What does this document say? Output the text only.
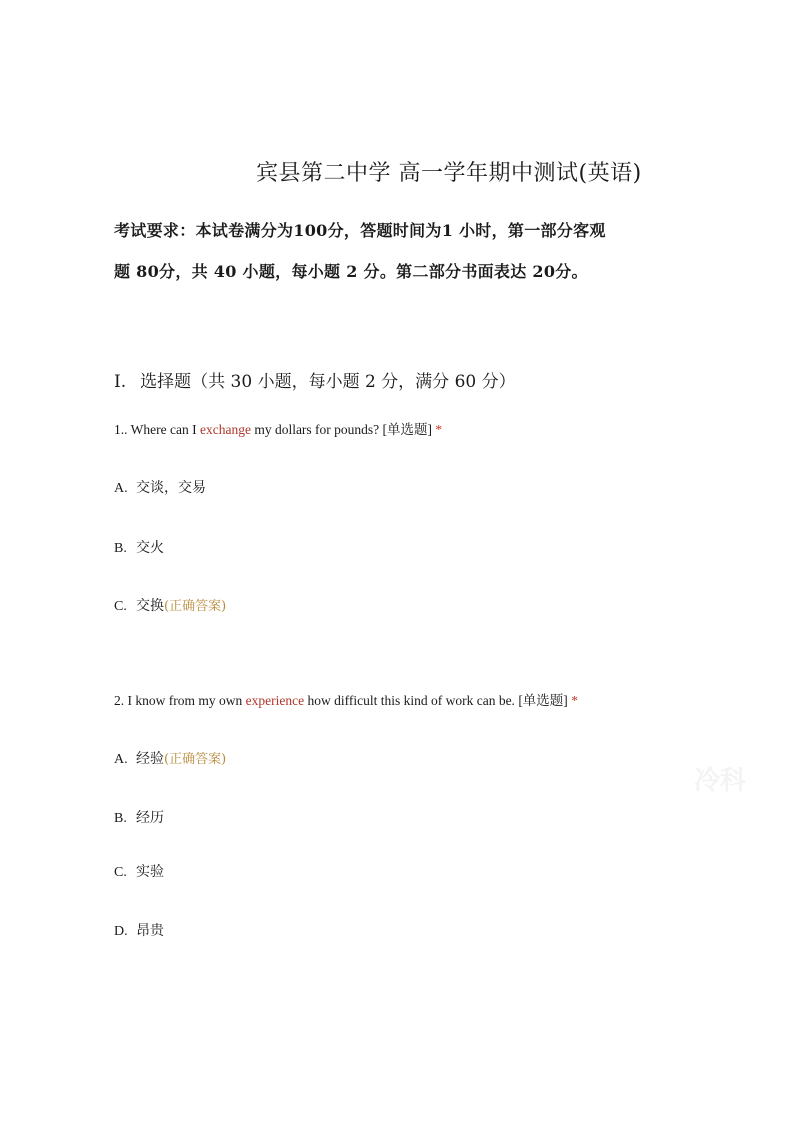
宾县第二中学 高一学年期中测试(英语)
考试要求：本试卷满分为100分，答题时间为1 小时，第一部分客观
题 80分，共 40 小题，每小题 2 分。第二部分书面表达 20分。
I. 选择题（共 30 小题，每小题 2 分，满分 60 分）
1.. Where can I exchange my dollars for pounds? [单选题] *
A. 交谈，交易
B. 交火
C. 交换(正确答案)
2. I know from my own experience how difficult this kind of work can be. [单选题] *
A. 经验(正确答案)
B. 经历
C. 实验
D. 昂贵
冷科
